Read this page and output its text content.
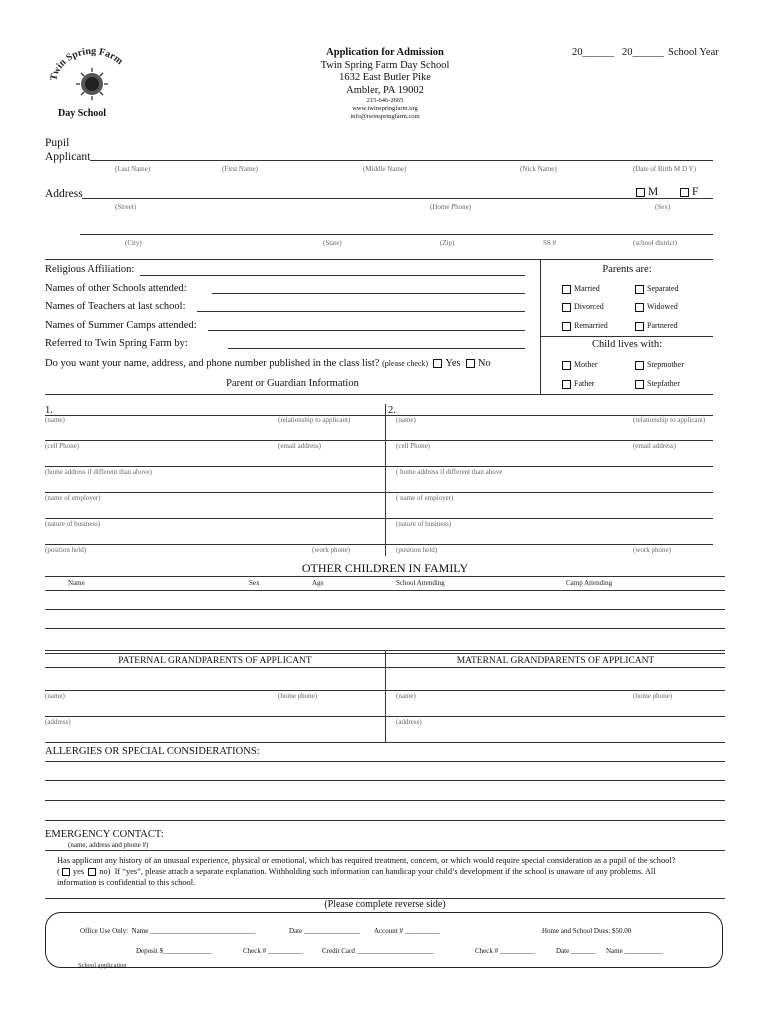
Twin Spring Farm
Day School
Application for Admission
Twin Spring Farm Day School
1632 East Butler Pike
Ambler, PA 19002
215-646-2665
www.twinspringfarm.org
info@twinspringfarm.com
20______ 20______ School Year
Pupil
Applicant
(Last Name)	(First Name)	(Middle Name)	(Nick Name)	(Date of Birth M D Y)
Address	M	F
(Street)	(Home Phone)	(Sex)
(City)	(State)	(Zip)	SS #	(school district)
Religious Affiliation:
Names of other Schools attended:
Names of Teachers at last school:
Names of Summer Camps attended:
Referred to Twin Spring Farm by:
Do you want your name, address, and phone number published in the class list? (please check) Yes No
Parents are:
Married	Separated
Divorced	Widowed
Remarried	Partnered
Child lives with:
Mother	Stepmother
Father	Stepfather
Parent or Guardian Information
1.	2.
(name)	(relationship to applicant)	(name)	(relationship to applicant)
(cell Phone)	(email address)	(cell Phone)	(email address)
(home address if different than above)	( home address if different than above
(name of employer)	( name of employer)
(nature of business)	(nature of business)
(position held)	(work phone)	(position held)	(work phone)
OTHER CHILDREN IN FAMILY
Name	Sex	Age	School Attending	Camp Attending
PATERNAL GRANDPARENTS OF APPLICANT	MATERNAL GRANDPARENTS OF APPLICANT
(name)	(home phone)	(name)	(home phone)
(address)	(address)
ALLERGIES OR SPECIAL CONSIDERATIONS:
EMERGENCY CONTACT:
(name, address and phone #)
Has applicant any history of an unusual experience, physical or emotional, which has required treatment, concern, or which would require special consideration as a pupil of the school?
( yes no) If “yes”, please attach a separate explanation. Withholding such information can handicap your child’s development if the school is unaware of any problems. All
information is confidential to this school.
(Please complete reverse side)
Office Use Only: Name ______________________________	Date ________________ Account # __________	Home and School Dues: $50.00
Deposit $______________	Check # __________	Credit Card ______________________	Check # __________	Date _______ Name ___________
School application
